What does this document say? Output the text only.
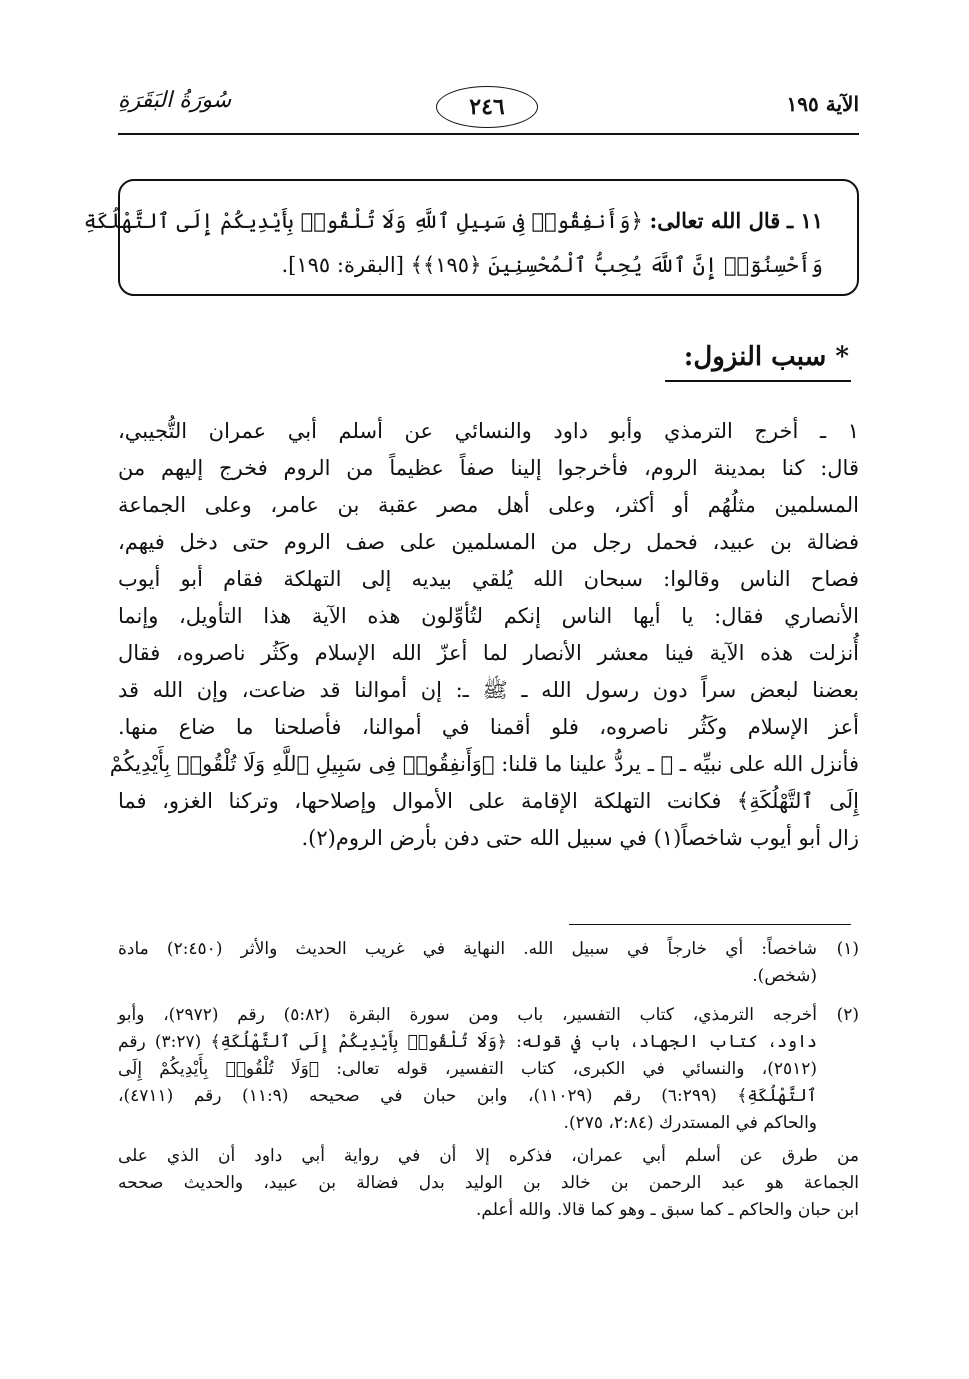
الآية ١٩٥
٢٤٦
سُورَةُ البَقَرَةِ
١١ ـ قال الله تعالى: ﴿وَأَنفِقُوا۟ فِى سَبِيلِ ٱللَّهِ وَلَا تُلْقُوا۟ بِأَيْدِيكُمْ إِلَى ٱلتَّهْلُكَةِ
وَأَحْسِنُوٓا۟ إِنَّ ٱللَّهَ يُحِبُّ ٱلْمُحْسِنِينَ ﴿١٩٥﴾﴾ [البقرة: ١٩٥].
* سبب النزول:
١ ـ أخرج الترمذي وأبو داود والنسائي عن أسلم أبي عمران التُّجيبي،
قال: كنا بمدينة الروم، فأخرجوا إلينا صفاً عظيماً من الروم فخرج إليهم من
المسلمين مثلُهُم أو أكثر، وعلى أهل مصر عقبة بن عامر، وعلى الجماعة
فضالة بن عبيد، فحمل رجل من المسلمين على صف الروم حتى دخل فيهم،
فصاح الناس وقالوا: سبحان الله يُلقي بيديه إلى التهلكة فقام أبو أيوب
الأنصاري فقال: يا أيها الناس إنكم لتُأوِّلون هذه الآية هذا التأويل، وإنما
أُنزلت هذه الآية فينا معشر الأنصار لما أعزّ الله الإسلام وكَثُر ناصروه، فقال
بعضنا لبعض سراً دون رسول الله ـ ﷺ ـ: إن أموالنا قد ضاعت، وإن الله قد
أعز الإسلام وكَثُر ناصروه، فلو أقمنا في أموالنا، فأصلحنا ما ضاع منها.
فأنزل الله على نبيِّه ـ ﷺ ـ يردُّ علينا ما قلنا: ﴿وَأَنفِقُوا۟ فِى سَبِيلِ ٱللَّهِ وَلَا تُلْقُوا۟ بِأَيْدِيكُمْ
إِلَى ٱلتَّهْلُكَةِ﴾ فكانت التهلكة الإقامة على الأموال وإصلاحها، وتركنا الغزو، فما
زال أبو أيوب شاخصاً(١) في سبيل الله حتى دفن بأرض الروم(٢).
(١)
شاخصاً: أي خارجاً في سبيل الله. النهاية في غريب الحديث والأثر (٢:٤٥٠) مادة
(شخص).
(٢)
أخرجه الترمذي، كتاب التفسير، باب ومن سورة البقرة (٥:٨٢) رقم (٢٩٧٢)، وأبو
داود، كتاب الجهاد، باب في قوله: ﴿وَلَا تُلْقُوا۟ بِأَيْدِيكُمْ إِلَى ٱلتَّهْلُكَةِ﴾ (٣:٢٧) رقم
(٢٥١٢)، والنسائي في الكبرى، كتاب التفسير، قوله تعالى: ﴿وَلَا تُلْقُوا۟ بِأَيْدِيكُمْ إِلَى
ٱلتَّهْلُكَةِ﴾ (٦:٢٩٩) رقم (١١٠٢٩)، وابن حبان في صحيحه (١١:٩) رقم (٤٧١١)،
والحاكم في المستدرك (٢:٨٤، ٢٧٥).
من طرق عن أسلم أبي عمران، فذكره إلا أن في رواية أبي داود أن الذي على
الجماعة هو عبد الرحمن بن خالد بن الوليد بدل فضالة بن عبيد، والحديث صححه
ابن حبان والحاكم ـ كما سبق ـ وهو كما قالا. والله أعلم.
